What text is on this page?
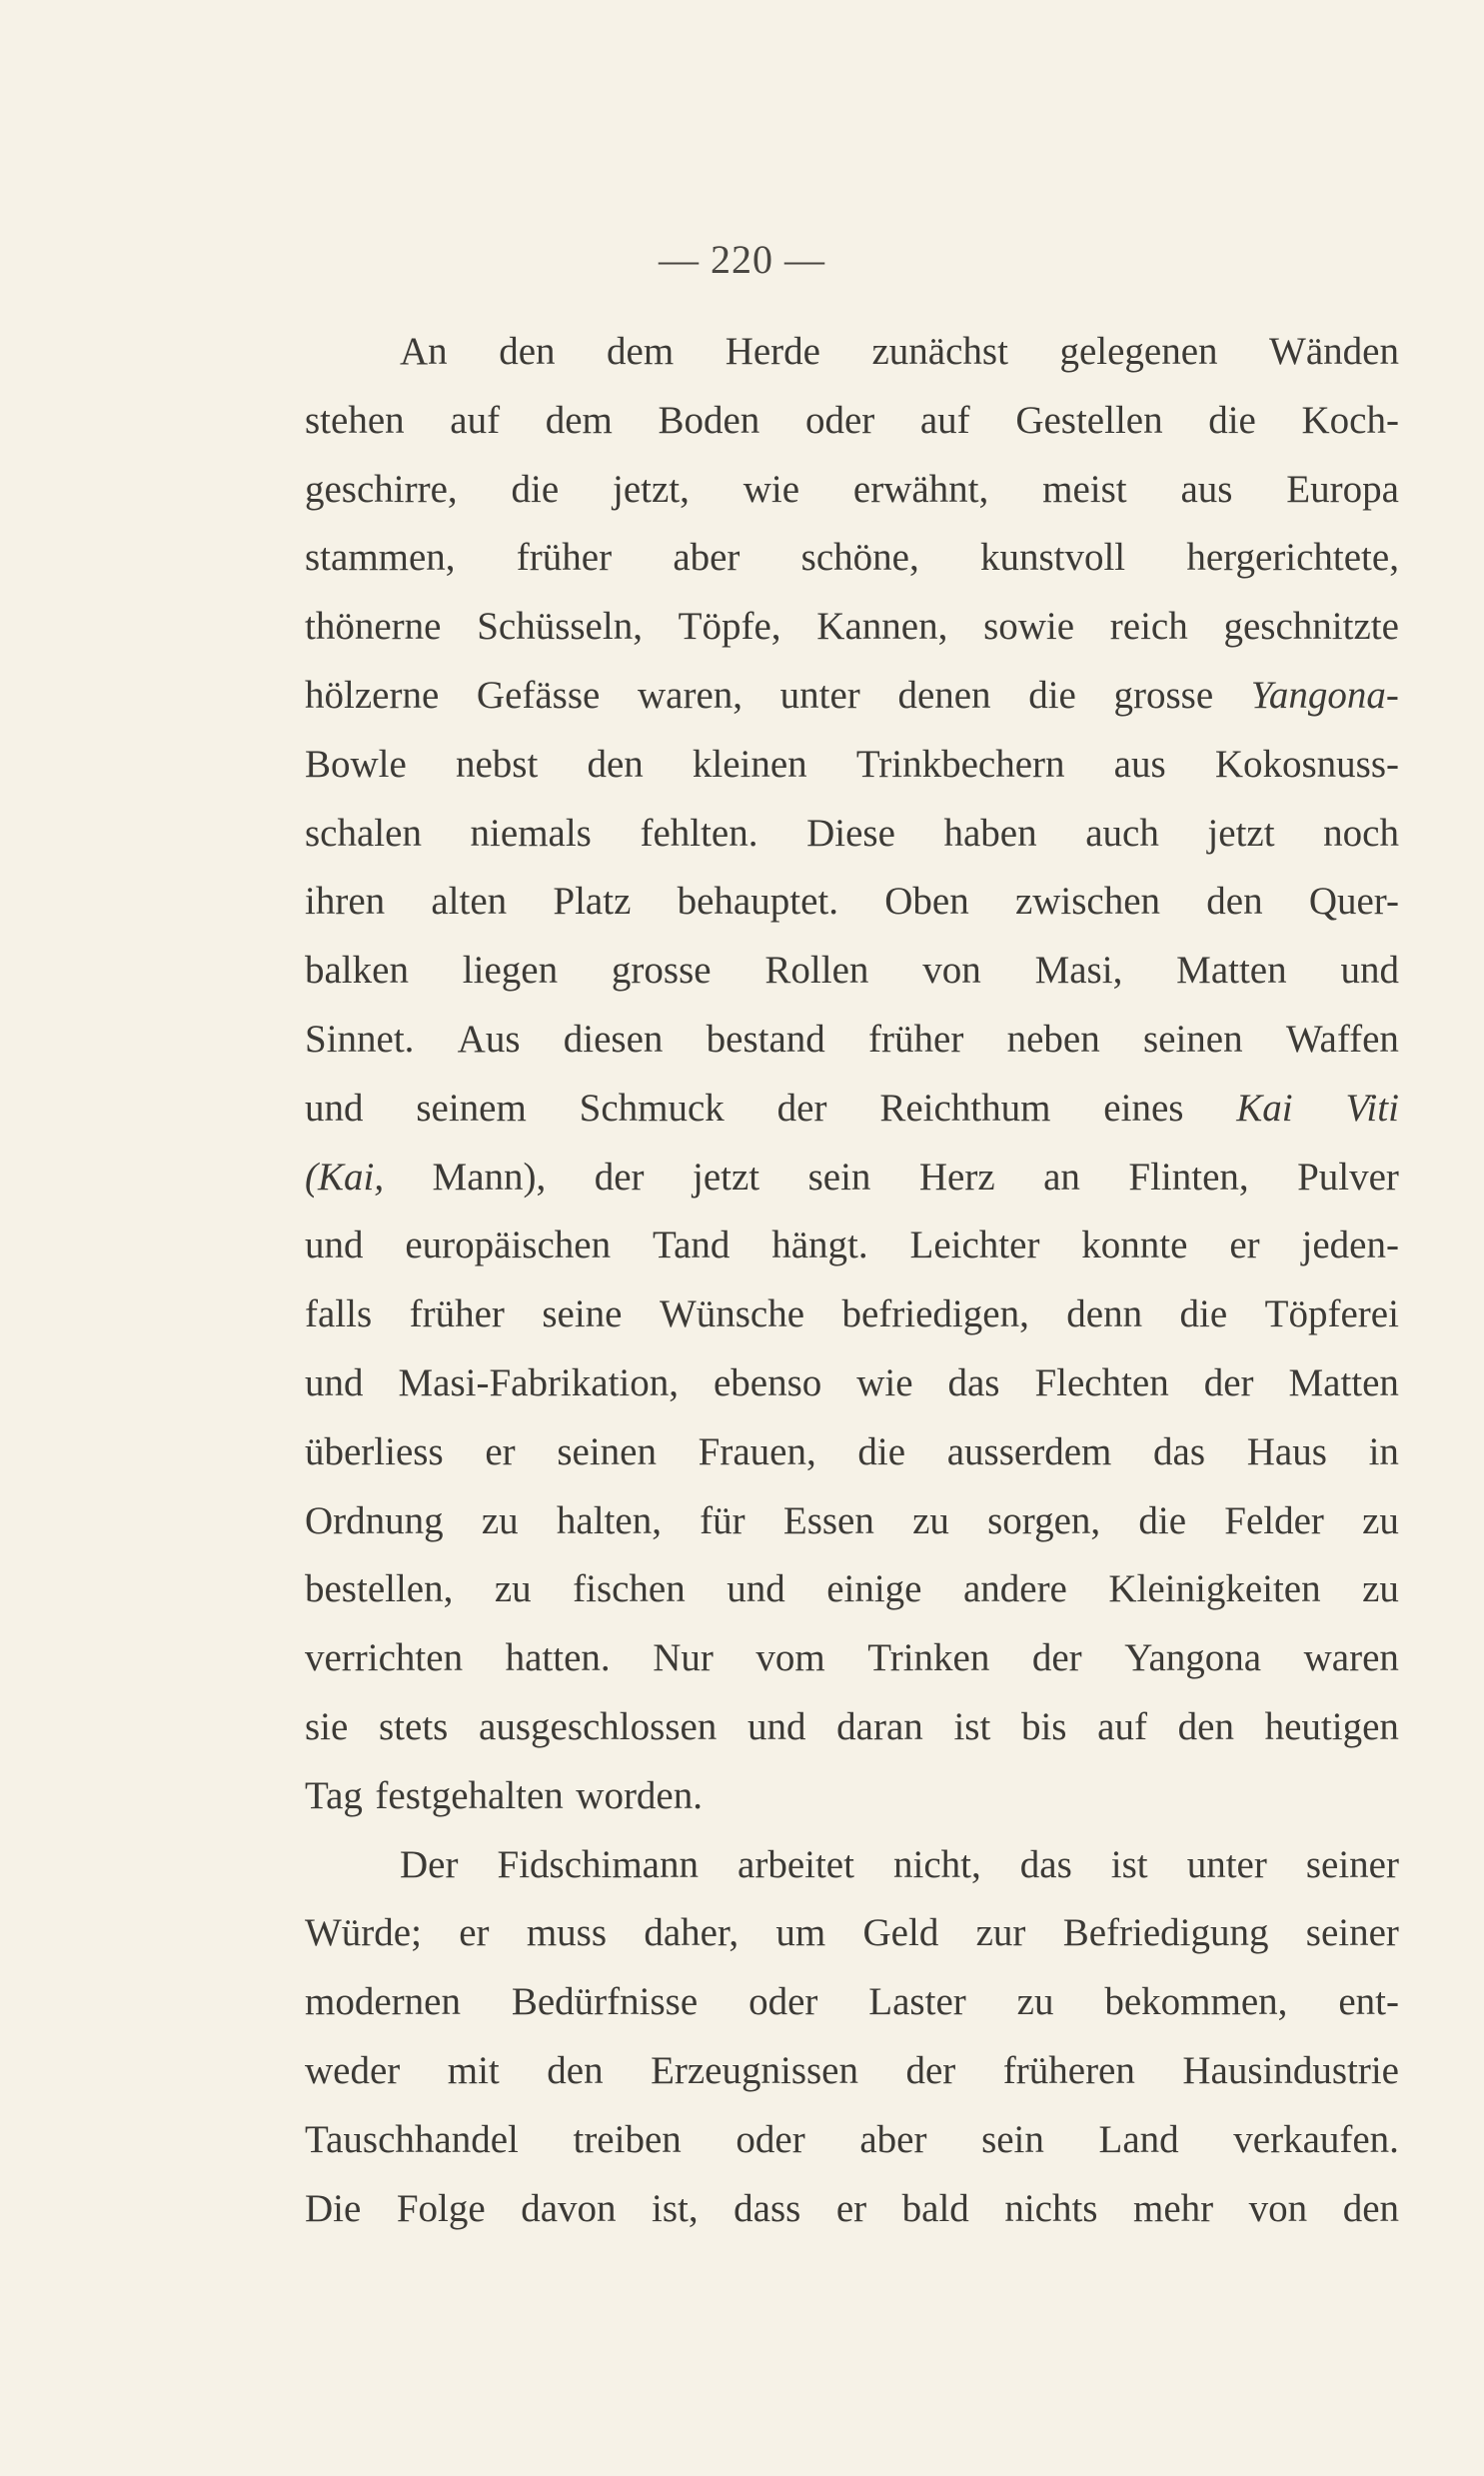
— 220 —
An den dem Herde zunächst gelegenen Wänden
stehen auf dem Boden oder auf Gestellen die Koch-
geschirre, die jetzt, wie erwähnt, meist aus Europa
stammen, früher aber schöne, kunstvoll hergerichtete,
thönerne Schüsseln, Töpfe, Kannen, sowie reich geschnitzte
hölzerne Gefässe waren, unter denen die grosse Yangona-
Bowle nebst den kleinen Trinkbechern aus Kokosnuss-
schalen niemals fehlten. Diese haben auch jetzt noch
ihren alten Platz behauptet. Oben zwischen den Quer-
balken liegen grosse Rollen von Masi, Matten und
Sinnet. Aus diesen bestand früher neben seinen Waffen
und seinem Schmuck der Reichthum eines Kai Viti
(Kai, Mann), der jetzt sein Herz an Flinten, Pulver
und europäischen Tand hängt. Leichter konnte er jeden-
falls früher seine Wünsche befriedigen, denn die Töpferei
und Masi-Fabrikation, ebenso wie das Flechten der Matten
überliess er seinen Frauen, die ausserdem das Haus in
Ordnung zu halten, für Essen zu sorgen, die Felder zu
bestellen, zu fischen und einige andere Kleinigkeiten zu
verrichten hatten. Nur vom Trinken der Yangona waren
sie stets ausgeschlossen und daran ist bis auf den heutigen
Tag festgehalten worden.
Der Fidschimann arbeitet nicht, das ist unter seiner
Würde; er muss daher, um Geld zur Befriedigung seiner
modernen Bedürfnisse oder Laster zu bekommen, ent-
weder mit den Erzeugnissen der früheren Hausindustrie
Tauschhandel treiben oder aber sein Land verkaufen.
Die Folge davon ist, dass er bald nichts mehr von den
